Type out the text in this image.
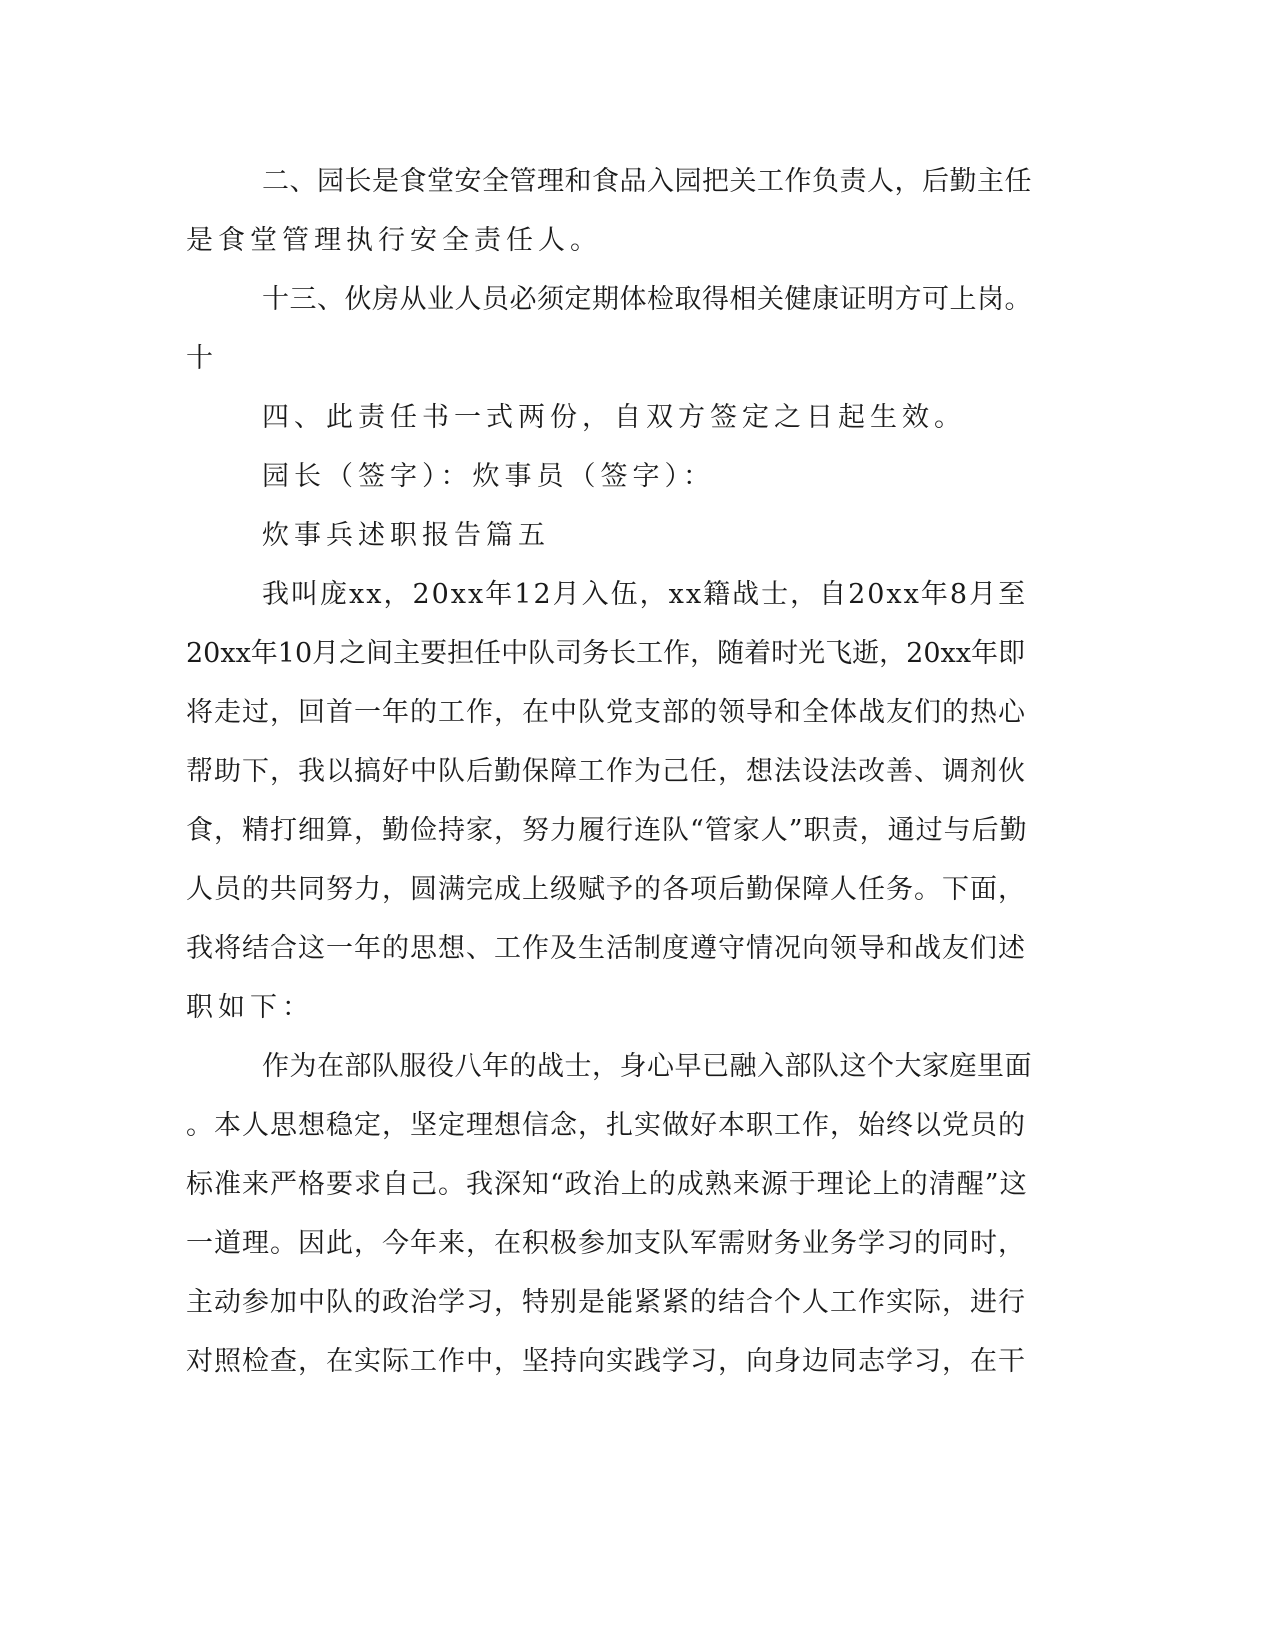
二、园长是食堂安全管理和食品入园把关工作负责人，后勤主任
是食堂管理执行安全责任人。
十三、伙房从业人员必须定期体检取得相关健康证明方可上岗。
十
四、此责任书一式两份，自双方签定之日起生效。
园长（签字）：炊事员（签字）：
炊事兵述职报告篇五
我叫庞xx，20xx年12月入伍，xx籍战士，自20xx年8月至
20xx年10月之间主要担任中队司务长工作，随着时光飞逝，20xx年即
将走过，回首一年的工作，在中队党支部的领导和全体战友们的热心
帮助下，我以搞好中队后勤保障工作为己任，想法设法改善、调剂伙
食，精打细算，勤俭持家，努力履行连队“管家人”职责，通过与后勤
人员的共同努力，圆满完成上级赋予的各项后勤保障人任务。下面，
我将结合这一年的思想、工作及生活制度遵守情况向领导和战友们述
职如下：
作为在部队服役八年的战士，身心早已融入部队这个大家庭里面
。本人思想稳定，坚定理想信念，扎实做好本职工作，始终以党员的
标准来严格要求自己。我深知“政治上的成熟来源于理论上的清醒”这
一道理。因此，今年来，在积极参加支队军需财务业务学习的同时，
主动参加中队的政治学习，特别是能紧紧的结合个人工作实际，进行
对照检查，在实际工作中，坚持向实践学习，向身边同志学习，在干
